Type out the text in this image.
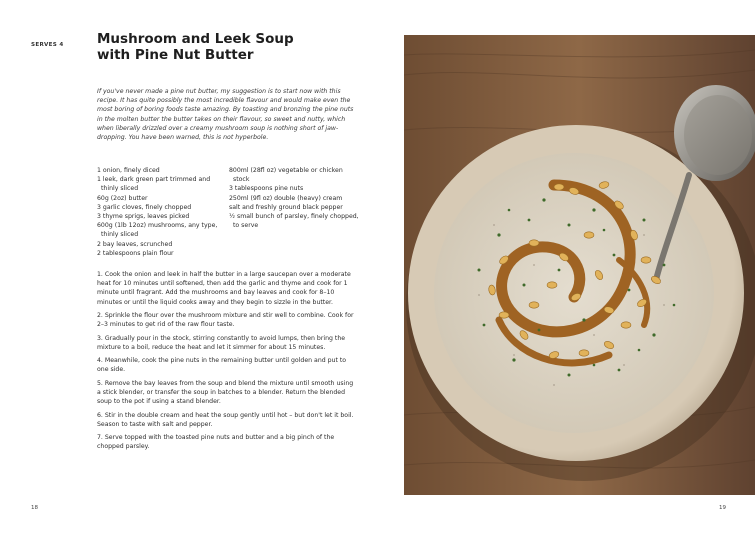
SERVES 4 Mushroom and Leek Soup
with Pine Nut Butter

If you've never made a pine nut butter, my suggestion is to start now with this recipe. It has quite possibly the most incredible flavour and would make even the most boring of boring foods taste amazing. By toasting and bronzing the pine nuts in the molten butter the butter takes on their flavour, so sweet and nutty, which when liberally drizzled over a creamy mushroom soup is nothing short of jaw-dropping. You have been warned, this is not hyperbole.

1 onion, finely diced
1 leek, dark green part trimmed and thinly sliced
60g (2oz) butter
3 garlic cloves, finely chopped
3 thyme sprigs, leaves picked
600g (1lb 12oz) mushrooms, any type, thinly sliced
2 bay leaves, scrunched
2 tablespoons plain flour
800ml (28fl oz) vegetable or chicken stock
3 tablespoons pine nuts
250ml (9fl oz) double (heavy) cream
salt and freshly ground black pepper
½ small bunch of parsley, finely chopped, to serve
1. Cook the onion and leek in half the butter in a large saucepan over a moderate heat for 10 minutes until softened, then add the garlic and thyme and cook for 1 minute until fragrant. Add the mushrooms and bay leaves and cook for 8–10 minutes or until the liquid cooks away and they begin to sizzle in the butter.
2. Sprinkle the flour over the mushroom mixture and stir well to combine. Cook for 2–3 minutes to get rid of the raw flour taste.
3. Gradually pour in the stock, stirring constantly to avoid lumps, then bring the mixture to a boil, reduce the heat and let it simmer for about 15 minutes.
4. Meanwhile, cook the pine nuts in the remaining butter until golden and put to one side.
5. Remove the bay leaves from the soup and blend the mixture until smooth using a stick blender, or transfer the soup in batches to a blender. Return the blended soup to the pot if using a stand blender.
6. Stir in the double cream and heat the soup gently until hot – but don't let it boil. Season to taste with salt and pepper.
7. Serve topped with the toasted pine nuts and butter and a big pinch of the chopped parsley.
18	19
